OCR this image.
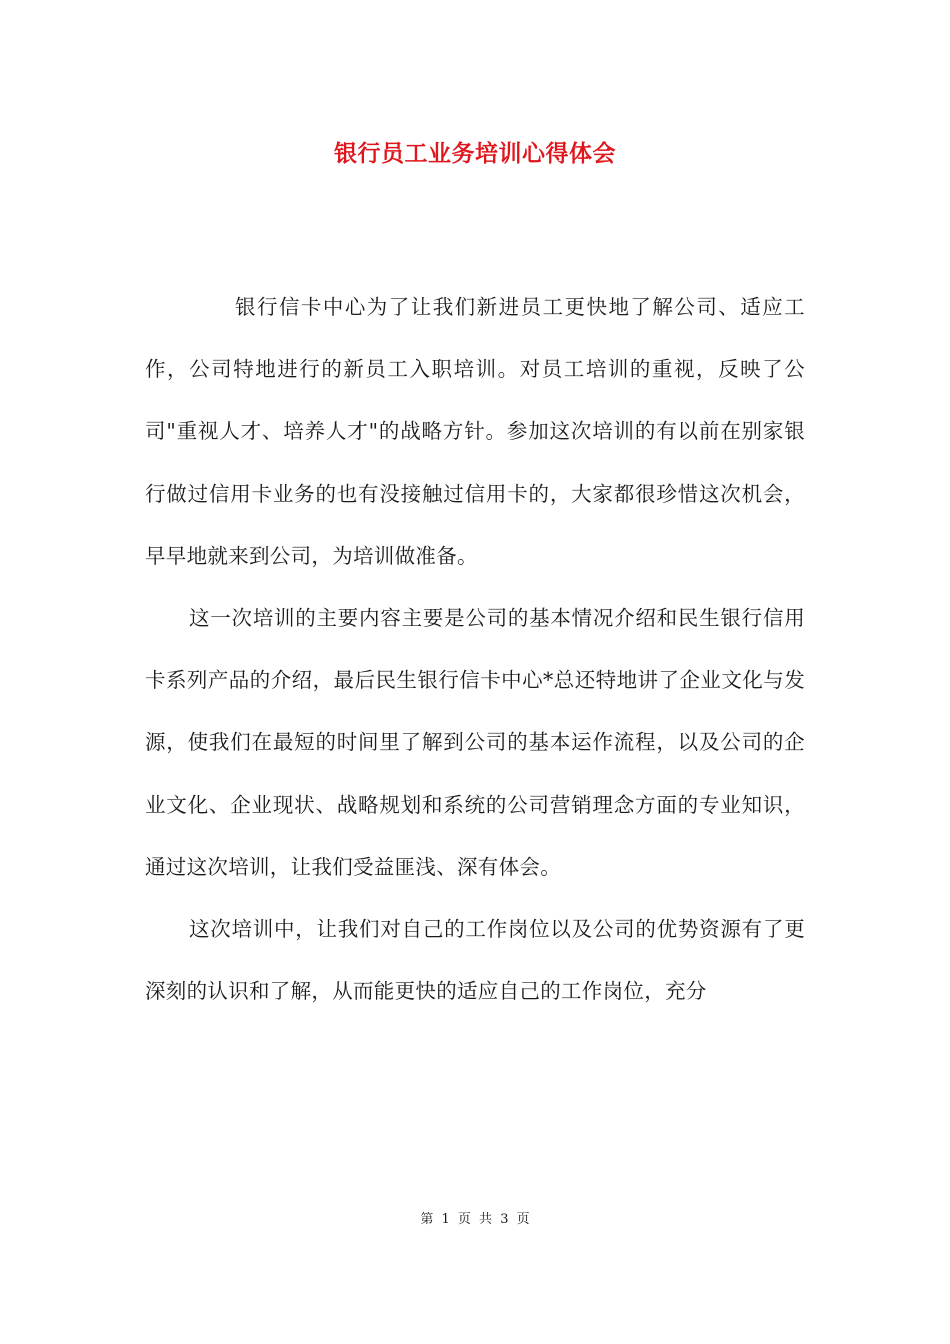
银行员工业务培训心得体会

银行信卡中心为了让我们新进员工更快地了解公司、适应工作，公司特地进行的新员工入职培训。对员工培训的重视，反映了公司"重视人才、培养人才"的战略方针。参加这次培训的有以前在别家银行做过信用卡业务的也有没接触过信用卡的，大家都很珍惜这次机会，早早地就来到公司，为培训做准备。

这一次培训的主要内容主要是公司的基本情况介绍和民生银行信用卡系列产品的介绍，最后民生银行信卡中心*总还特地讲了企业文化与发源，使我们在最短的时间里了解到公司的基本运作流程，以及公司的企业文化、企业现状、战略规划和系统的公司营销理念方面的专业知识，通过这次培训，让我们受益匪浅、深有体会。

这次培训中，让我们对自己的工作岗位以及公司的优势资源有了更深刻的认识和了解，从而能更快的适应自己的工作岗位，充分

第 1 页 共 3 页
